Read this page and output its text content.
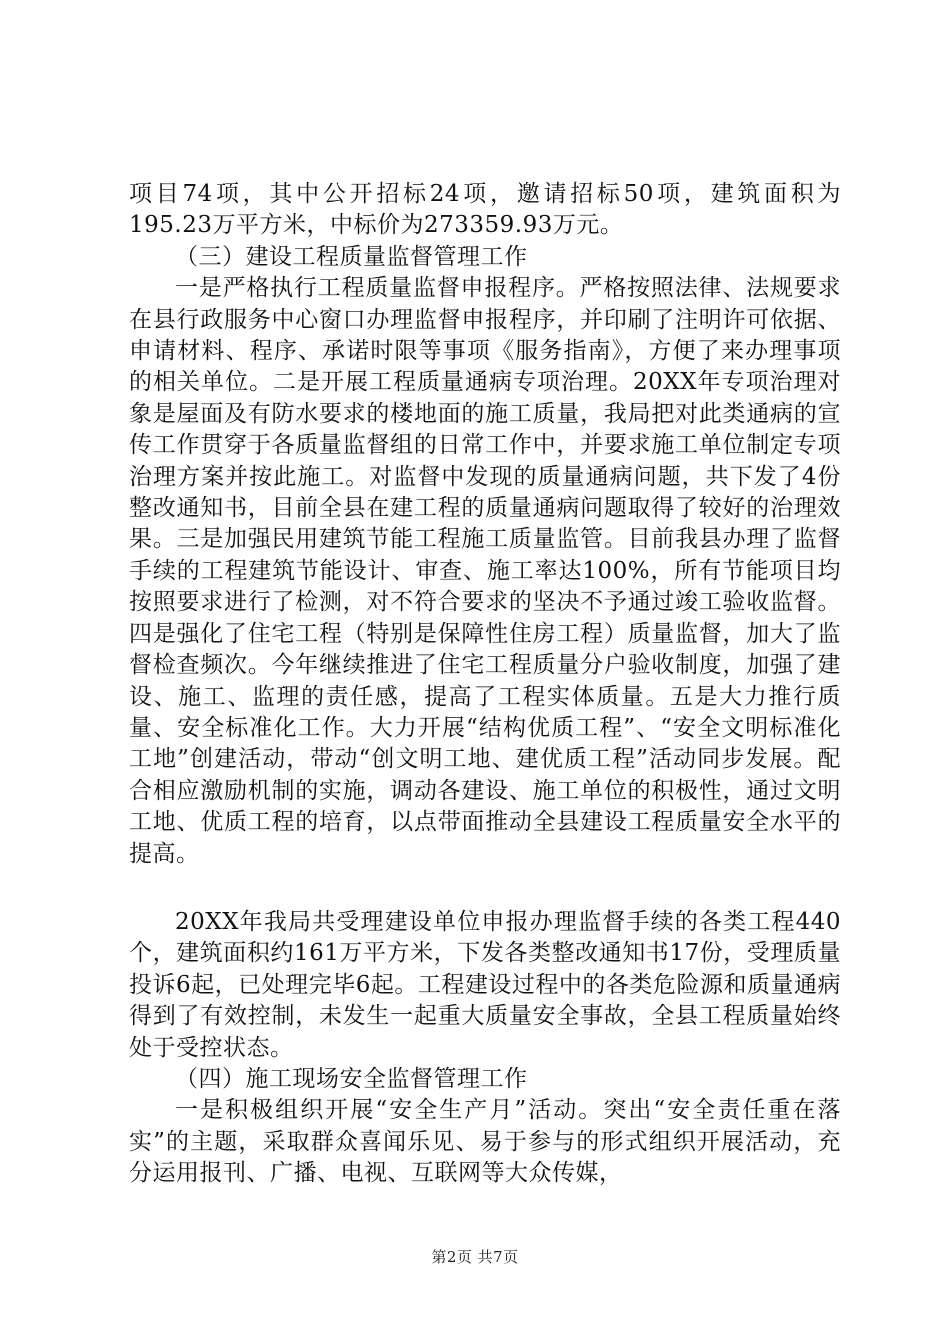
项目74项，其中公开招标24项，邀请招标50项，建筑面积为195.23万平方米，中标价为273359.93万元。

（三）建设工程质量监督管理工作

一是严格执行工程质量监督申报程序。严格按照法律、法规要求在县行政服务中心窗口办理监督申报程序，并印刷了注明许可依据、申请材料、程序、承诺时限等事项《服务指南》，方便了来办理事项的相关单位。二是开展工程质量通病专项治理。20XX年专项治理对象是屋面及有防水要求的楼地面的施工质量，我局把对此类通病的宣传工作贯穿于各质量监督组的日常工作中，并要求施工单位制定专项治理方案并按此施工。对监督中发现的质量通病问题，共下发了4份整改通知书，目前全县在建工程的质量通病问题取得了较好的治理效果。三是加强民用建筑节能工程施工质量监管。目前我县办理了监督手续的工程建筑节能设计、审查、施工率达100%，所有节能项目均按照要求进行了检测，对不符合要求的坚决不予通过竣工验收监督。四是强化了住宅工程（特别是保障性住房工程）质量监督，加大了监督检查频次。今年继续推进了住宅工程质量分户验收制度，加强了建设、施工、监理的责任感，提高了工程实体质量。五是大力推行质量、安全标准化工作。大力开展“结构优质工程”、“安全文明标准化工地”创建活动，带动“创文明工地、建优质工程”活动同步发展。配合相应激励机制的实施，调动各建设、施工单位的积极性，通过文明工地、优质工程的培育，以点带面推动全县建设工程质量安全水平的提高。

20XX年我局共受理建设单位申报办理监督手续的各类工程440个，建筑面积约161万平方米，下发各类整改通知书17份，受理质量投诉6起，已处理完毕6起。工程建设过程中的各类危险源和质量通病得到了有效控制，未发生一起重大质量安全事故，全县工程质量始终处于受控状态。

（四）施工现场安全监督管理工作

一是积极组织开展“安全生产月”活动。突出“安全责任重在落实”的主题，采取群众喜闻乐见、易于参与的形式组织开展活动，充分运用报刊、广播、电视、互联网等大众传媒，

第2页 共7页
